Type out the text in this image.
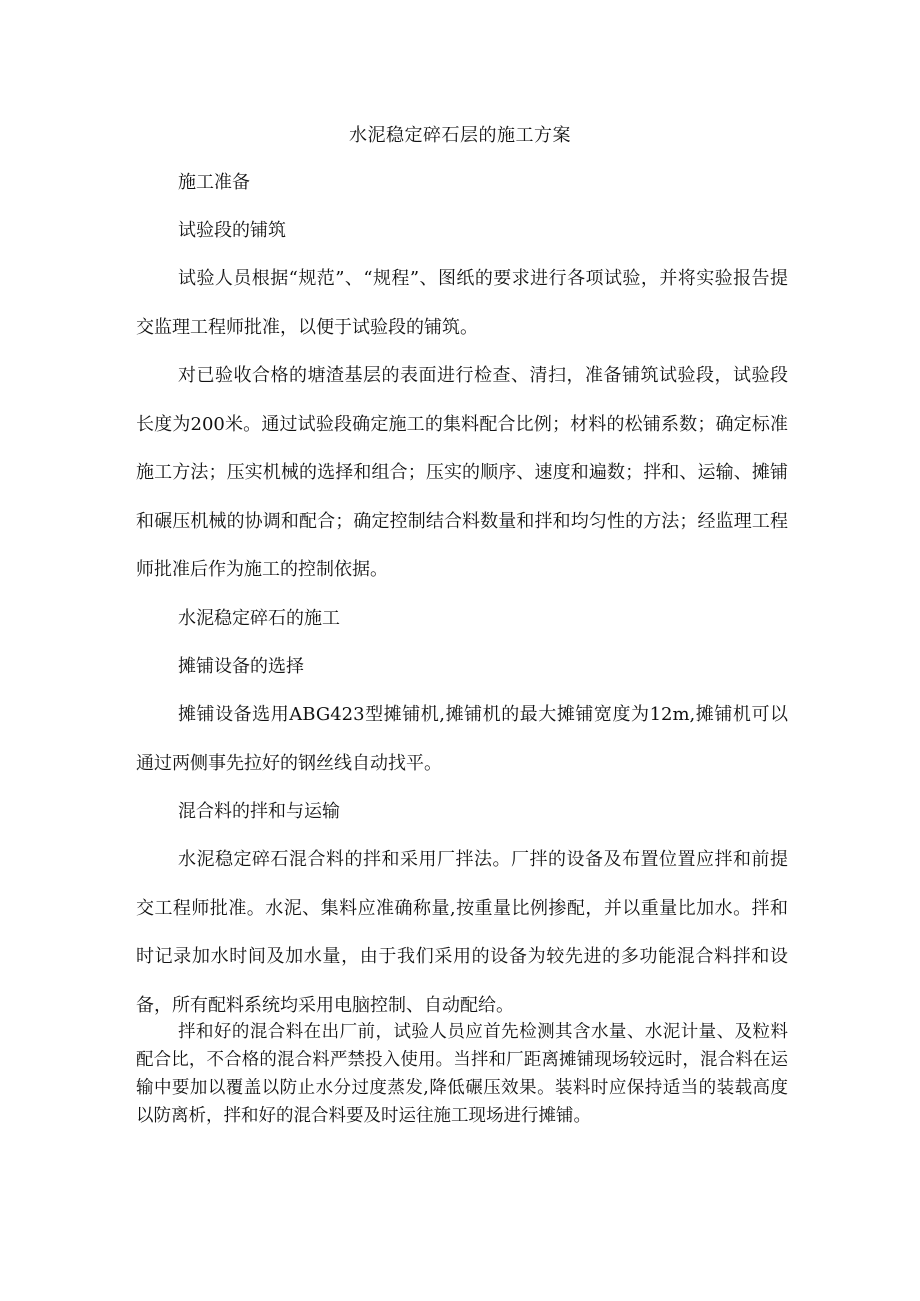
水泥稳定碎石层的施工方案
施工准备
试验段的铺筑

试验人员根据“规范”、“规程”、图纸的要求进行各项试验，并将实验报告提交监理工程师批准，以便于试验段的铺筑。

对已验收合格的塘渣基层的表面进行检查、清扫，准备铺筑试验段，试验段长度为200米。通过试验段确定施工的集料配合比例；材料的松铺系数；确定标准施工方法；压实机械的选择和组合；压实的顺序、速度和遍数；拌和、运输、摊铺和碾压机械的协调和配合；确定控制结合料数量和拌和均匀性的方法；经监理工程师批准后作为施工的控制依据。

水泥稳定碎石的施工
摊铺设备的选择

摊铺设备选用ABG423型摊铺机,摊铺机的最大摊铺宽度为12m,摊铺机可以通过两侧事先拉好的钢丝线自动找平。

混合料的拌和与运输

水泥稳定碎石混合料的拌和采用厂拌法。厂拌的设备及布置位置应拌和前提交工程师批准。水泥、集料应准确称量,按重量比例掺配，并以重量比加水。拌和时记录加水时间及加水量，由于我们采用的设备为较先进的多功能混合料拌和设备，所有配料系统均采用电脑控制、自动配给。

拌和好的混合料在出厂前，试验人员应首先检测其含水量、水泥计量、及粒料配合比，不合格的混合料严禁投入使用。当拌和厂距离摊铺现场较远时，混合料在运输中要加以覆盖以防止水分过度蒸发,降低碾压效果。装料时应保持适当的装载高度以防离析，拌和好的混合料要及时运往施工现场进行摊铺。
